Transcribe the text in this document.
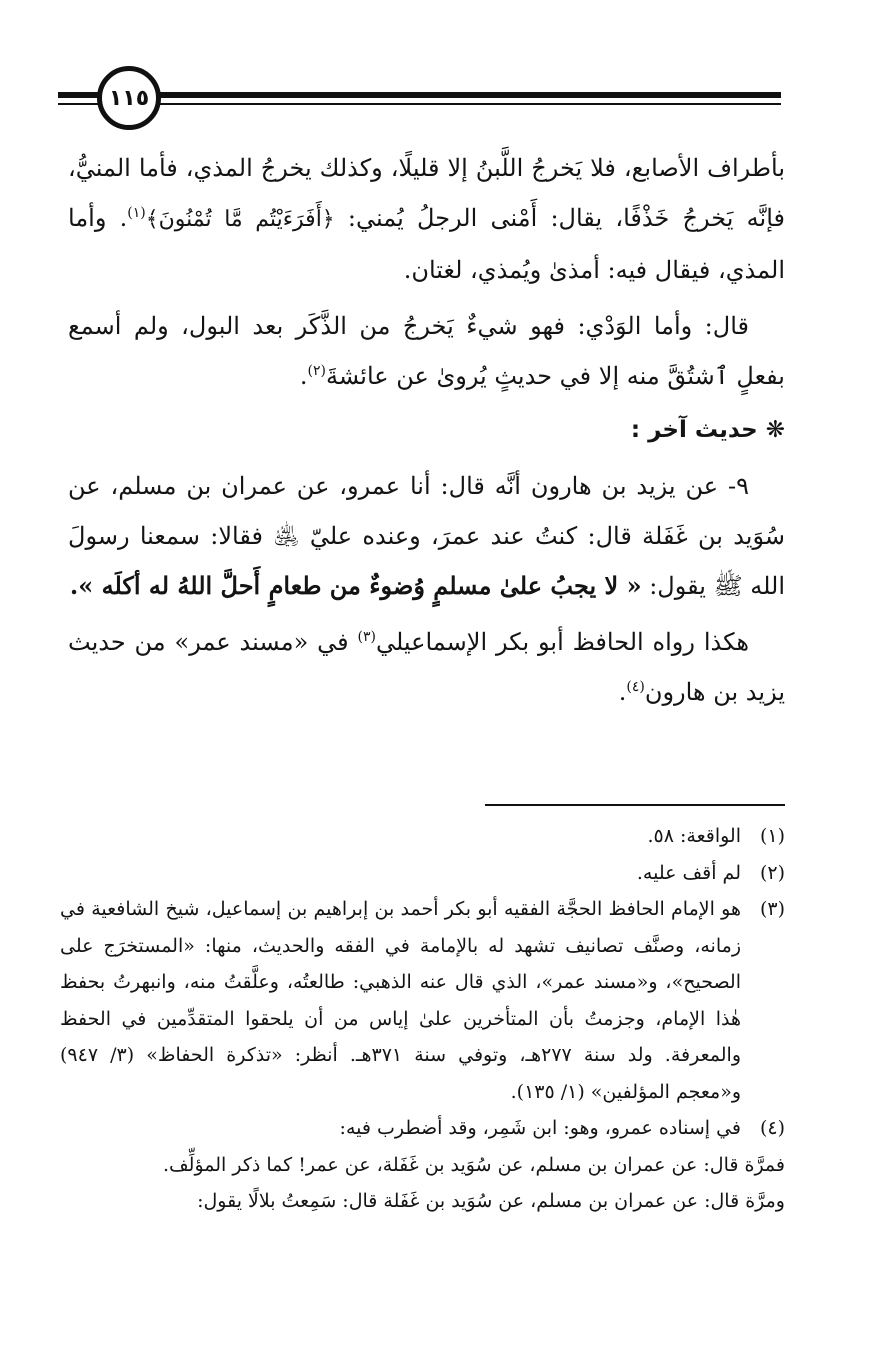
١١٥

بأطراف الأصابع، فلا يَخرجُ اللَّبنُ إلا قليلًا، وكذلك يخرجُ المذي، فأما المنيُّ، فإنَّه يَخرجُ خَذْفًا، يقال: أَمْنى الرجلُ يُمني: ﴿أَفَرَءَيْتُم مَّا تُمْنُونَ﴾$^{(١)}$. وأما المذي، فيقال فيه: أمذىٰ ويُمذي، لغتان.

قال: وأما الوَدْي: فهو شيءٌ يَخرجُ من الذَّكَر بعد البول، ولم أسمع بفعلٍ ٱشتُقَّ منه إلا في حديثٍ يُروىٰ عن عائشةَ$^{(٢)}$.

❋ حديث آخر :

٩- عن يزيد بن هارون أنَّه قال: أنا عمرو، عن عمران بن مسلم، عن سُوَيد بن غَفَلة قال: كنتُ عند عمرَ، وعنده عليّ ﵁ فقالا: سمعنا رسولَ الله ﷺ يقول: « لا يجبُ علىٰ مسلمٍ وُضوءٌ من طعامٍ أَحلَّ اللهُ له أكلَه ».

هكذا رواه الحافظ أبو بكر الإسماعيلي$^{(٣)}$ في «مسند عمر» من حديث يزيد بن هارون$^{(٤)}$.

(١)
الواقعة: ٥٨.
(٢)
لم أقف عليه.
(٣)
هو الإمام الحافظ الحجَّة الفقيه أبو بكر أحمد بن إبراهيم بن إسماعيل، شيخ الشافعية في زمانه، وصنَّف تصانيف تشهد له بالإمامة في الفقه والحديث، منها: «المستخرَج على الصحيح»، و«مسند عمر»، الذي قال عنه الذهبي: طالعتُه، وعلَّقتُ منه، وانبهرتُ بحفظ هٰذا الإمام، وجزمتُ بأن المتأخرين علىٰ إياس من أن يلحقوا المتقدِّمين في الحفظ والمعرفة. ولد سنة ٢٧٧هـ، وتوفي سنة ٣٧١هـ. أنظر: «تذكرة الحفاظ» (٣/ ٩٤٧) و«معجم المؤلفين» (١/ ١٣٥).
(٤)
في إسناده عمرو، وهو: ابن شَمِر، وقد أضطرب فيه:

فمرَّة قال: عن عمران بن مسلم، عن سُوَيد بن غَفَلة، عن عمر! كما ذكر المؤلِّف.

ومرَّة قال: عن عمران بن مسلم، عن سُوَيد بن غَفَلة قال: سَمِعتُ بلالًا يقول:
